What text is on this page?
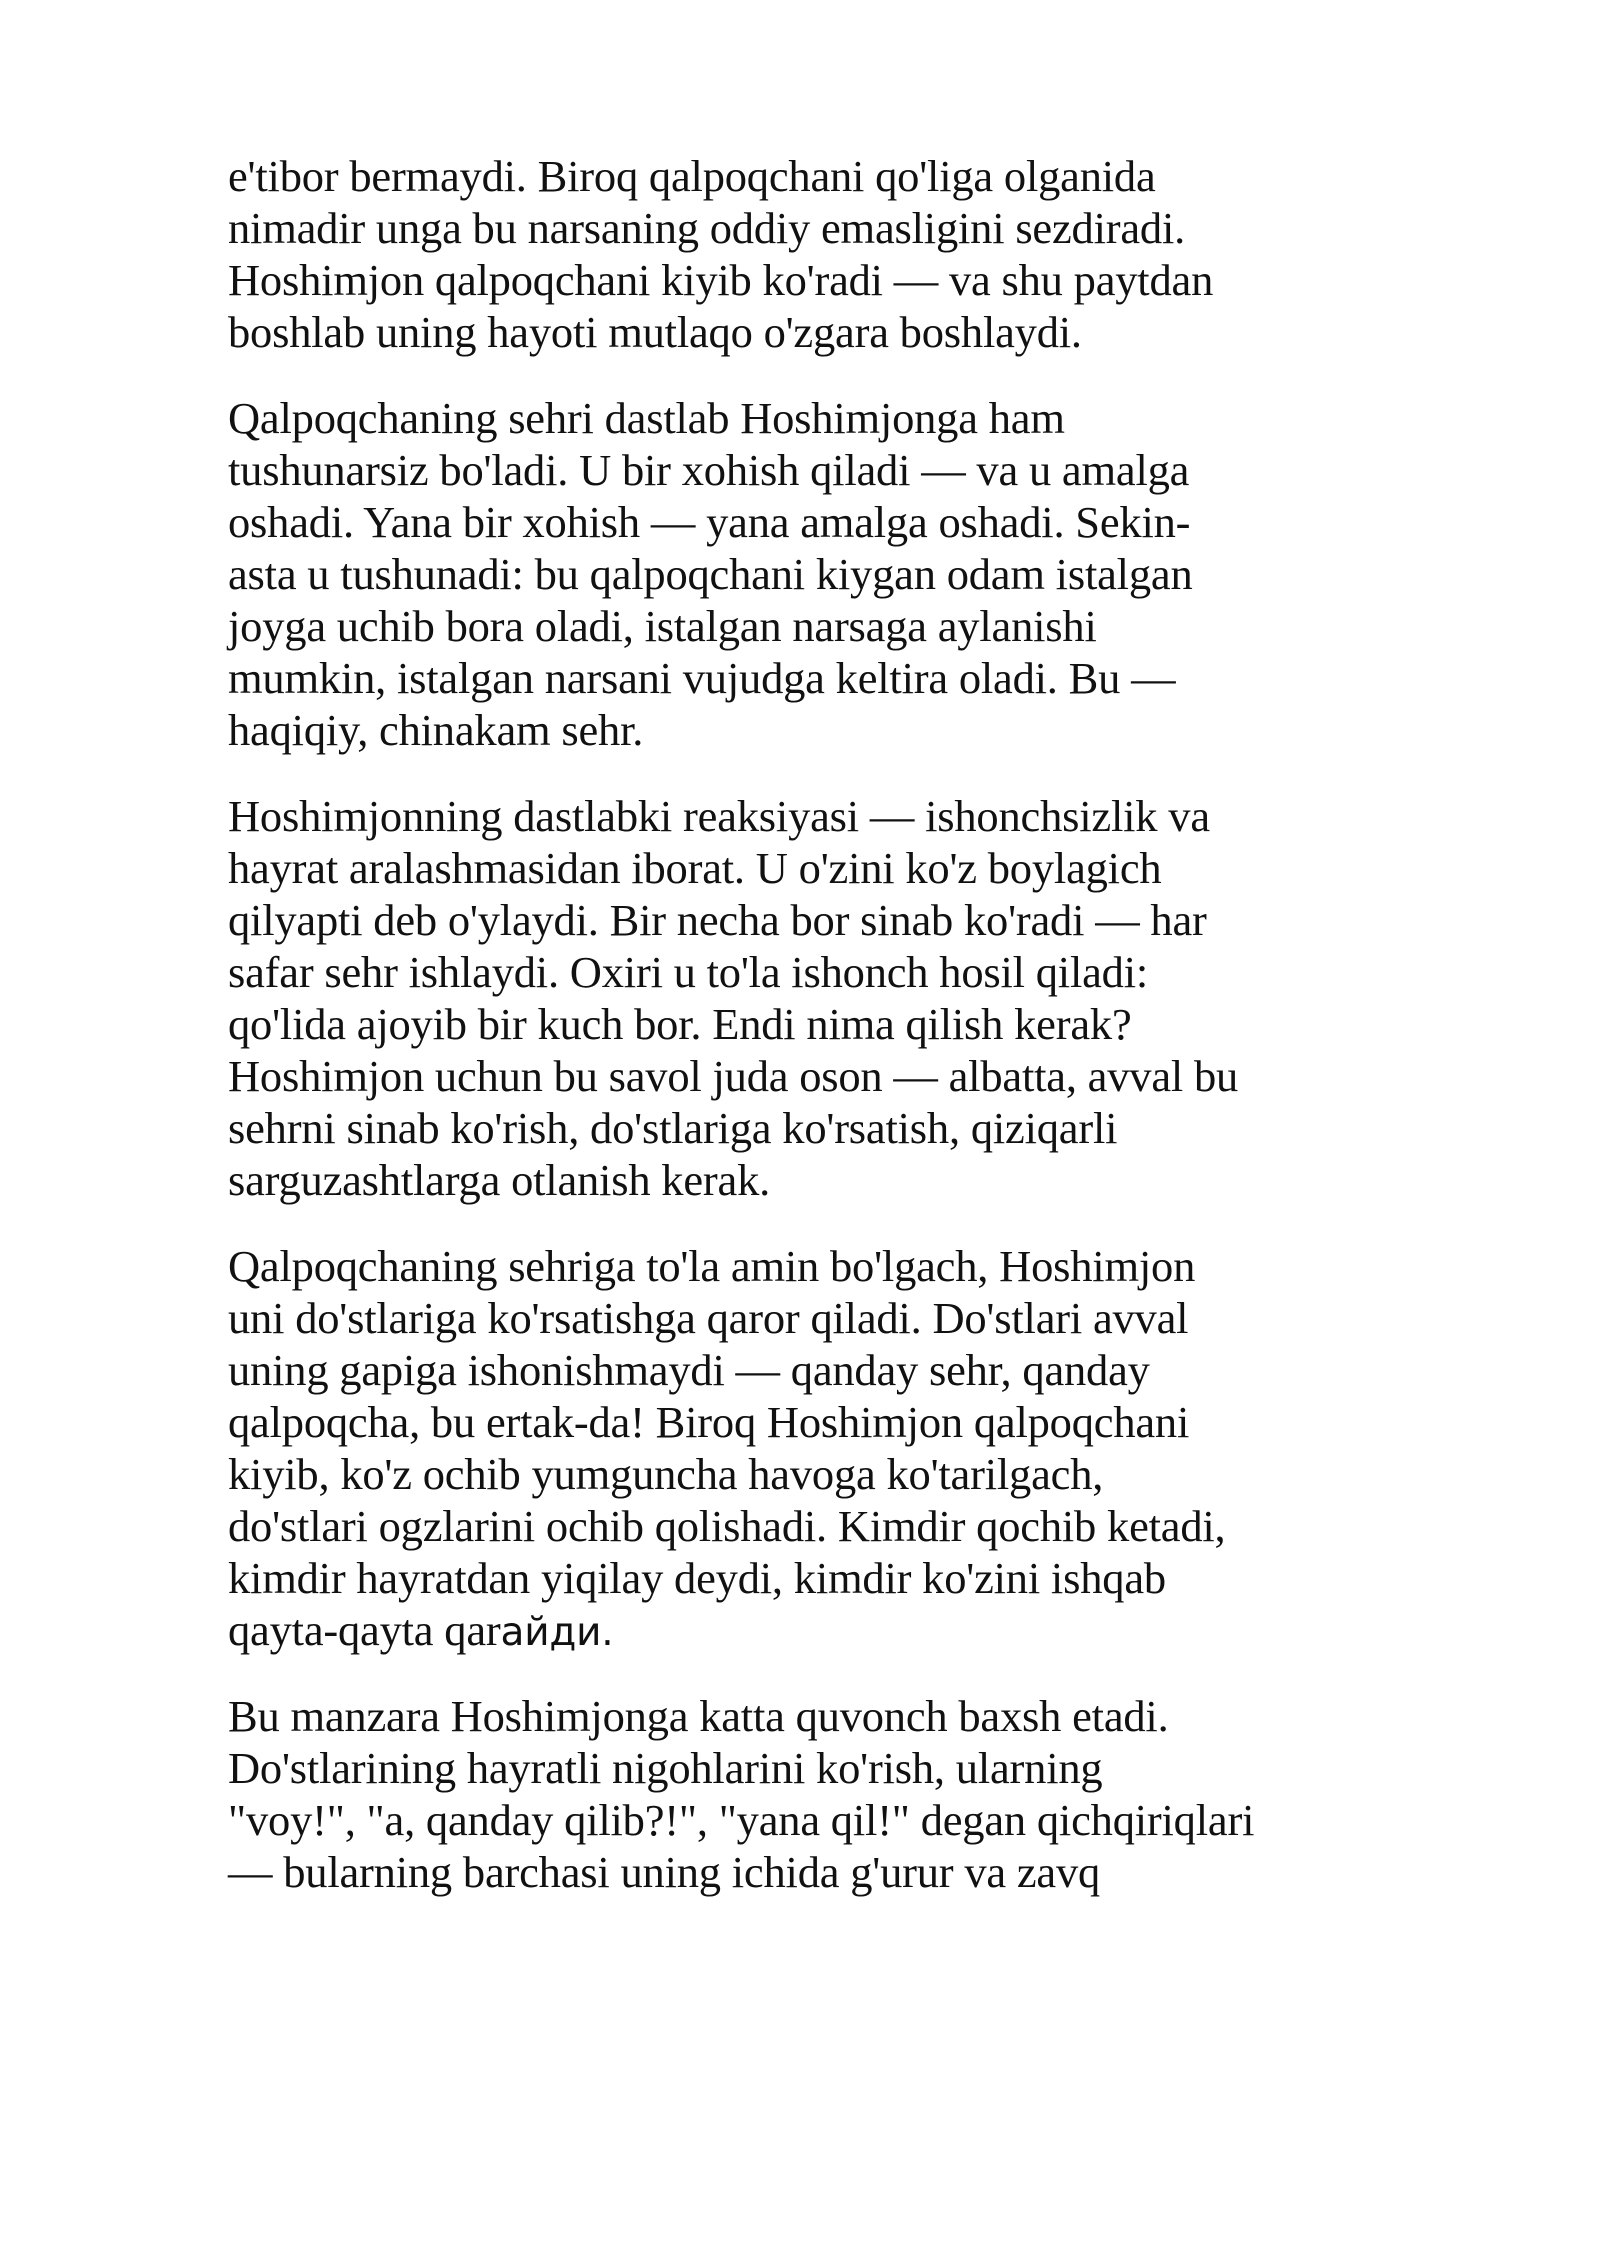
e'tibor bermaydi. Biroq qalpoqchani qo'liga olganida
nimadir unga bu narsaning oddiy emasligini sezdiradi.
Hoshimjon qalpoqchani kiyib ko'radi — va shu paytdan
boshlab uning hayoti mutlaqo o'zgara boshlaydi.

Qalpoqchaning sehri dastlab Hoshimjonga ham
tushunarsiz bo'ladi. U bir xohish qiladi — va u amalga
oshadi. Yana bir xohish — yana amalga oshadi. Sekin-
asta u tushunadi: bu qalpoqchani kiygan odam istalgan
joyga uchib bora oladi, istalgan narsaga aylanishi
mumkin, istalgan narsani vujudga keltira oladi. Bu —
haqiqiy, chinakam sehr.

Hoshimjonning dastlabki reaksiyasi — ishonchsizlik va
hayrat aralashmasidan iborat. U o'zini ko'z boylagich
qilyapti deb o'ylaydi. Bir necha bor sinab ko'radi — har
safar sehr ishlaydi. Oxiri u to'la ishonch hosil qiladi:
qo'lida ajoyib bir kuch bor. Endi nima qilish kerak?
Hoshimjon uchun bu savol juda oson — albatta, avval bu
sehrni sinab ko'rish, do'stlariga ko'rsatish, qiziqarli
sarguzashtlarga otlanish kerak.

Qalpoqchaning sehriga to'la amin bo'lgach, Hoshimjon
uni do'stlariga ko'rsatishga qaror qiladi. Do'stlari avval
uning gapiga ishonishmaydi — qanday sehr, qanday
qalpoqcha, bu ertak-da! Biroq Hoshimjon qalpoqchani
kiyib, ko'z ochib yumguncha havoga ko'tarilgach,
do'stlari ogzlarini ochib qolishadi. Kimdir qochib ketadi,
kimdir hayratdan yiqilay deydi, kimdir ko'zini ishqab
qayta-qayta qarайди.

Bu manzara Hoshimjonga katta quvonch baxsh etadi.
Do'stlarining hayratli nigohlarini ko'rish, ularning
"voy!", "a, qanday qilib?!", "yana qil!" degan qichqiriqlari
— bularning barchasi uning ichida g'urur va zavq
